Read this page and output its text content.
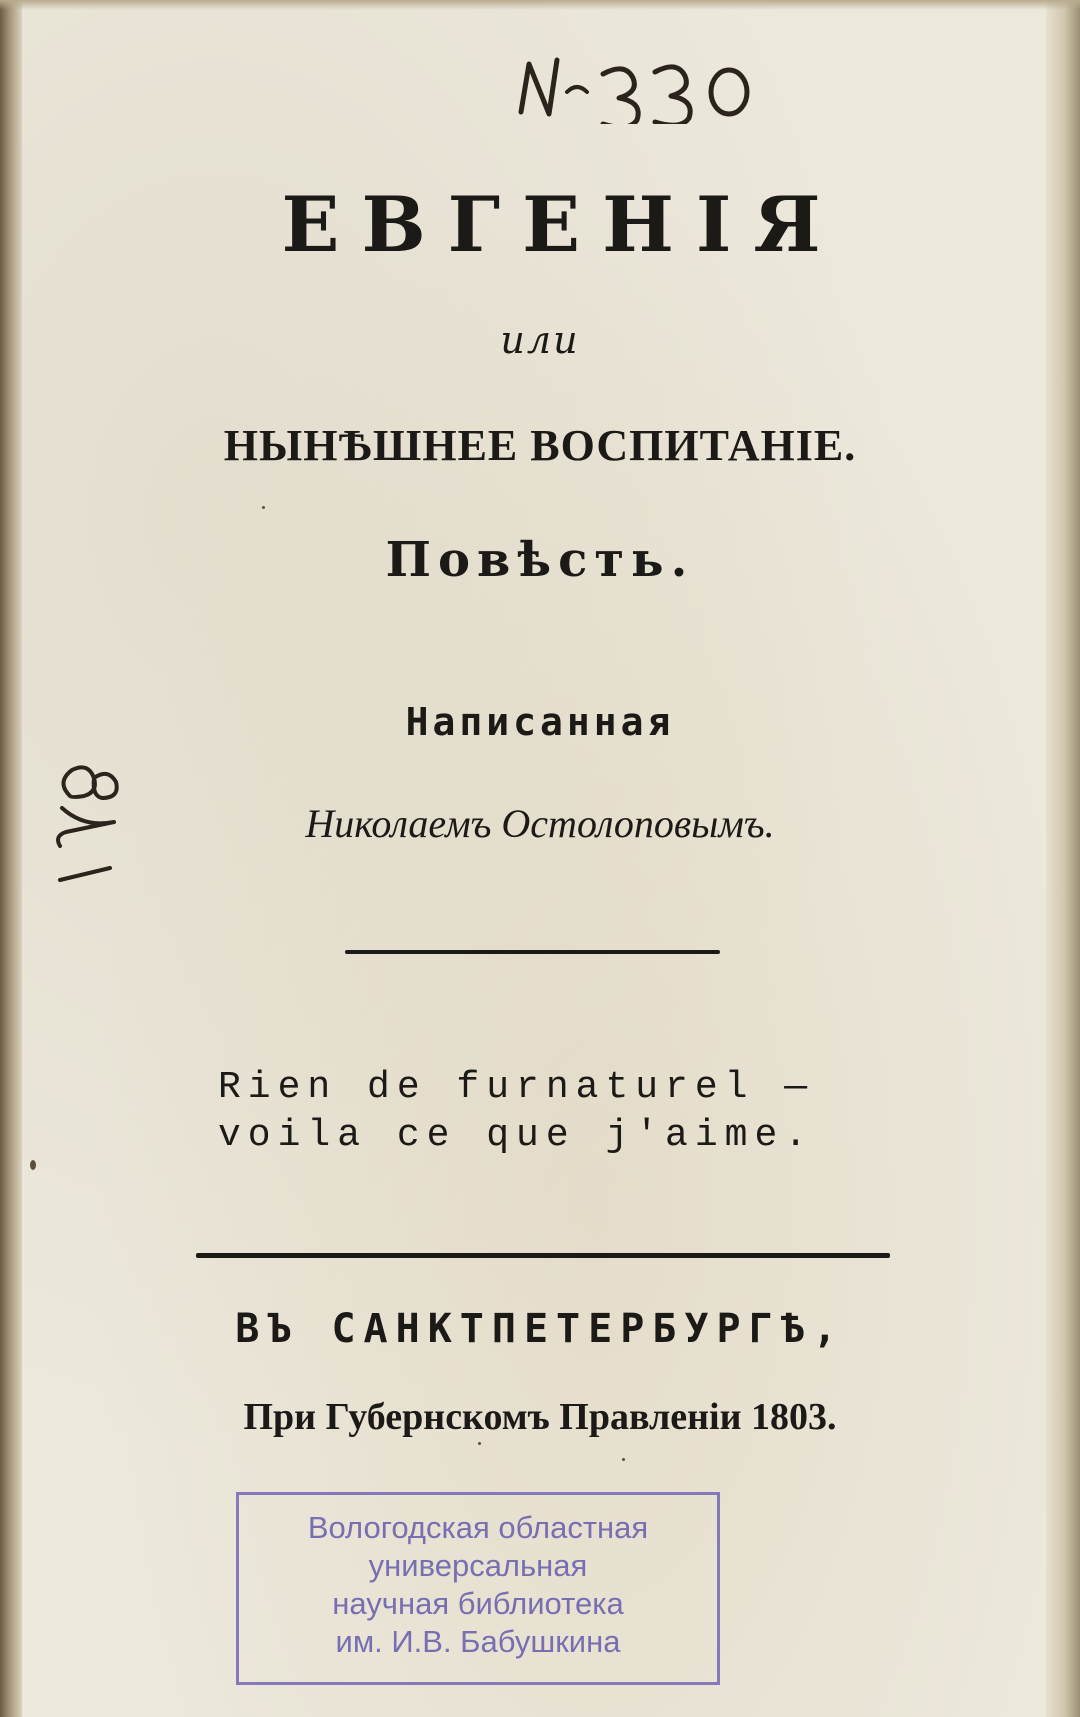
ЕВГЕНІЯ
или
НЫНѢШНЕЕ ВОСПИТАНІЕ.
Повѣсть.
Написанная
Николаемъ Остолоповымъ.
Rien de furnaturel —
voila ce que j'aime.
ВЪ САНКТПЕТЕРБУРГѢ,
При Губернскомъ Правленіи 1803.
Вологодская областная
универсальная
научная библиотека
им. И.В. Бабушкина
